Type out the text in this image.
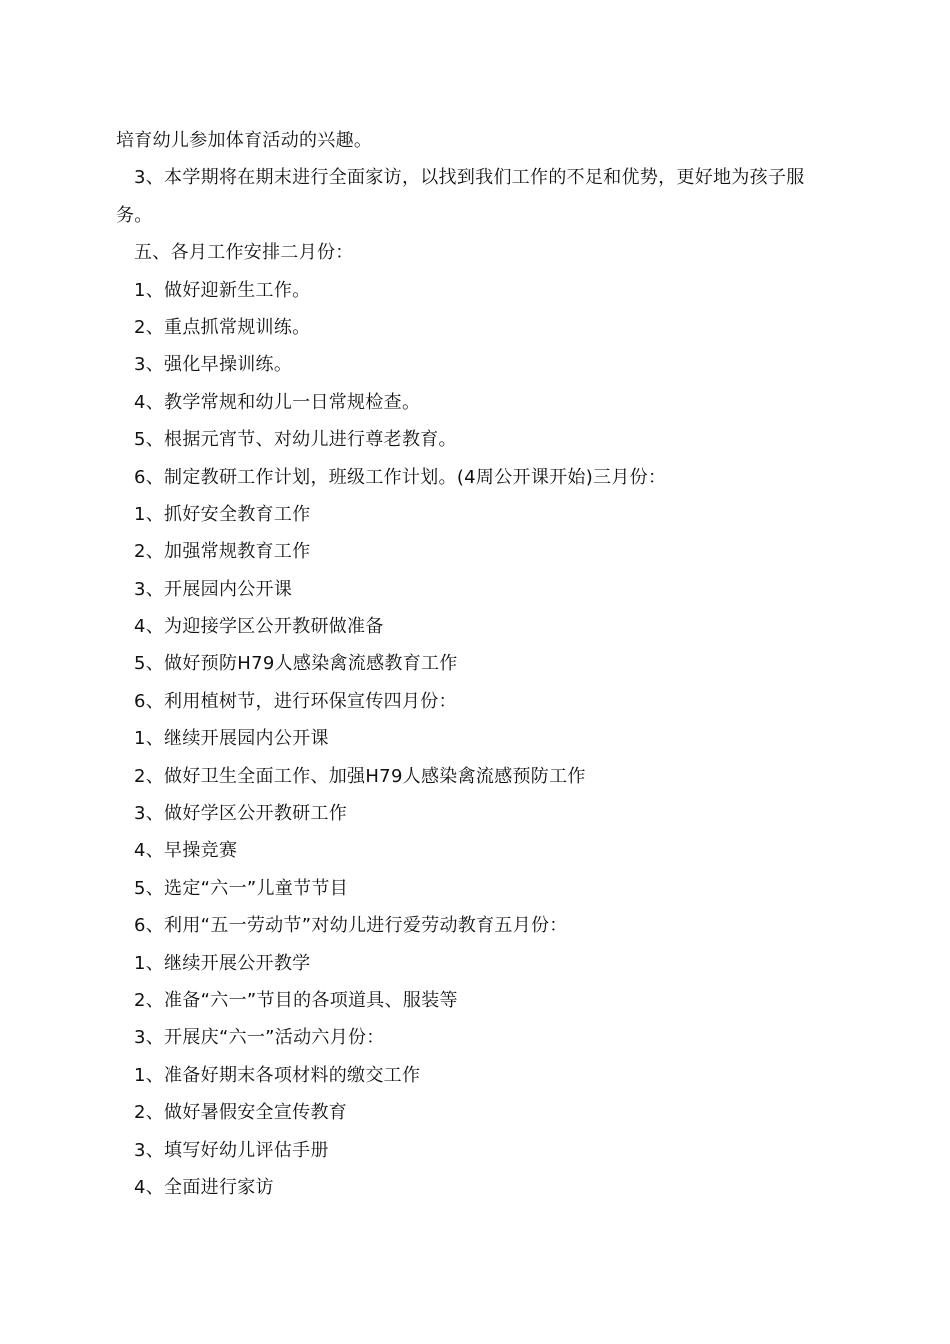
培育幼儿参加体育活动的兴趣。
3、本学期将在期末进行全面家访，以找到我们工作的不足和优势，更好地为孩子服
务。
五、各月工作安排二月份：
1、做好迎新生工作。
2、重点抓常规训练。
3、强化早操训练。
4、教学常规和幼儿一日常规检查。
5、根据元宵节、对幼儿进行尊老教育。
6、制定教研工作计划，班级工作计划。(4周公开课开始)三月份：
1、抓好安全教育工作
2、加强常规教育工作
3、开展园内公开课
4、为迎接学区公开教研做准备
5、做好预防H79人感染禽流感教育工作
6、利用植树节，进行环保宣传四月份：
1、继续开展园内公开课
2、做好卫生全面工作、加强H79人感染禽流感预防工作
3、做好学区公开教研工作
4、早操竞赛
5、选定“六一”儿童节节目
6、利用“五一劳动节”对幼儿进行爱劳动教育五月份：
1、继续开展公开教学
2、准备“六一”节目的各项道具、服装等
3、开展庆“六一”活动六月份：
1、准备好期末各项材料的缴交工作
2、做好暑假安全宣传教育
3、填写好幼儿评估手册
4、全面进行家访
